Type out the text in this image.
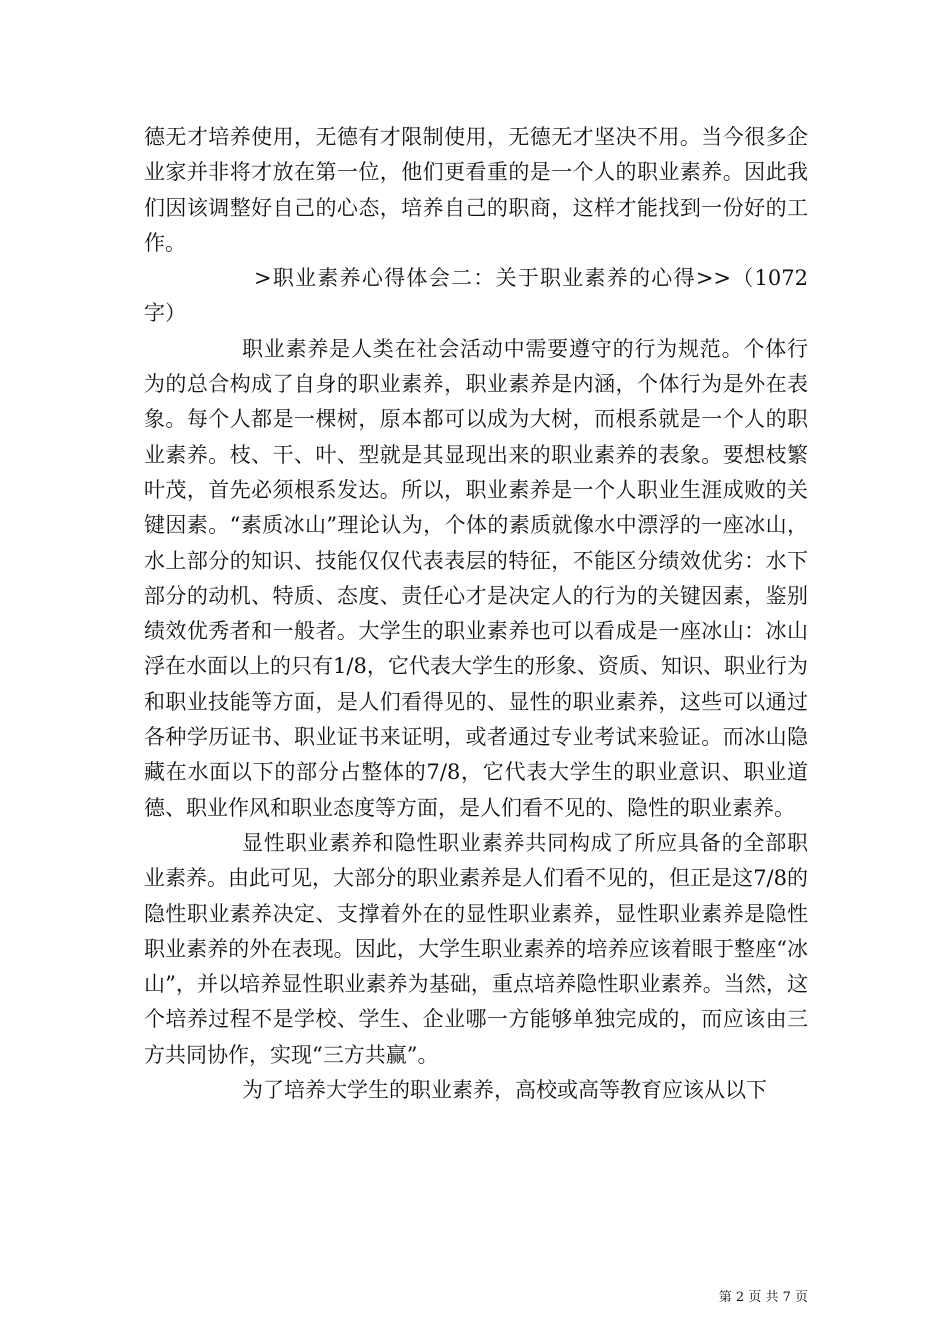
德无才培养使用，无德有才限制使用，无德无才坚决不用。当今很多企业家并非将才放在第一位，他们更看重的是一个人的职业素养。因此我们因该调整好自己的心态，培养自己的职商，这样才能找到一份好的工作。

>职业素养心得体会二：关于职业素养的心得>>（1072字）

职业素养是人类在社会活动中需要遵守的行为规范。个体行为的总合构成了自身的职业素养，职业素养是内涵，个体行为是外在表象。每个人都是一棵树，原本都可以成为大树，而根系就是一个人的职业素养。枝、干、叶、型就是其显现出来的职业素养的表象。要想枝繁叶茂，首先必须根系发达。所以，职业素养是一个人职业生涯成败的关键因素。“素质冰山”理论认为，个体的素质就像水中漂浮的一座冰山，水上部分的知识、技能仅仅代表表层的特征，不能区分绩效优劣：水下部分的动机、特质、态度、责任心才是决定人的行为的关键因素，鉴别绩效优秀者和一般者。大学生的职业素养也可以看成是一座冰山：冰山浮在水面以上的只有1/8，它代表大学生的形象、资质、知识、职业行为和职业技能等方面，是人们看得见的、显性的职业素养，这些可以通过各种学历证书、职业证书来证明，或者通过专业考试来验证。而冰山隐藏在水面以下的部分占整体的7/8，它代表大学生的职业意识、职业道德、职业作风和职业态度等方面，是人们看不见的、隐性的职业素养。

显性职业素养和隐性职业素养共同构成了所应具备的全部职业素养。由此可见，大部分的职业素养是人们看不见的，但正是这7/8的隐性职业素养决定、支撑着外在的显性职业素养，显性职业素养是隐性职业素养的外在表现。因此，大学生职业素养的培养应该着眼于整座“冰山”，并以培养显性职业素养为基础，重点培养隐性职业素养。当然，这个培养过程不是学校、学生、企业哪一方能够单独完成的，而应该由三方共同协作，实现“三方共赢”。

为了培养大学生的职业素养，高校或高等教育应该从以下

第 2 页 共 7 页
